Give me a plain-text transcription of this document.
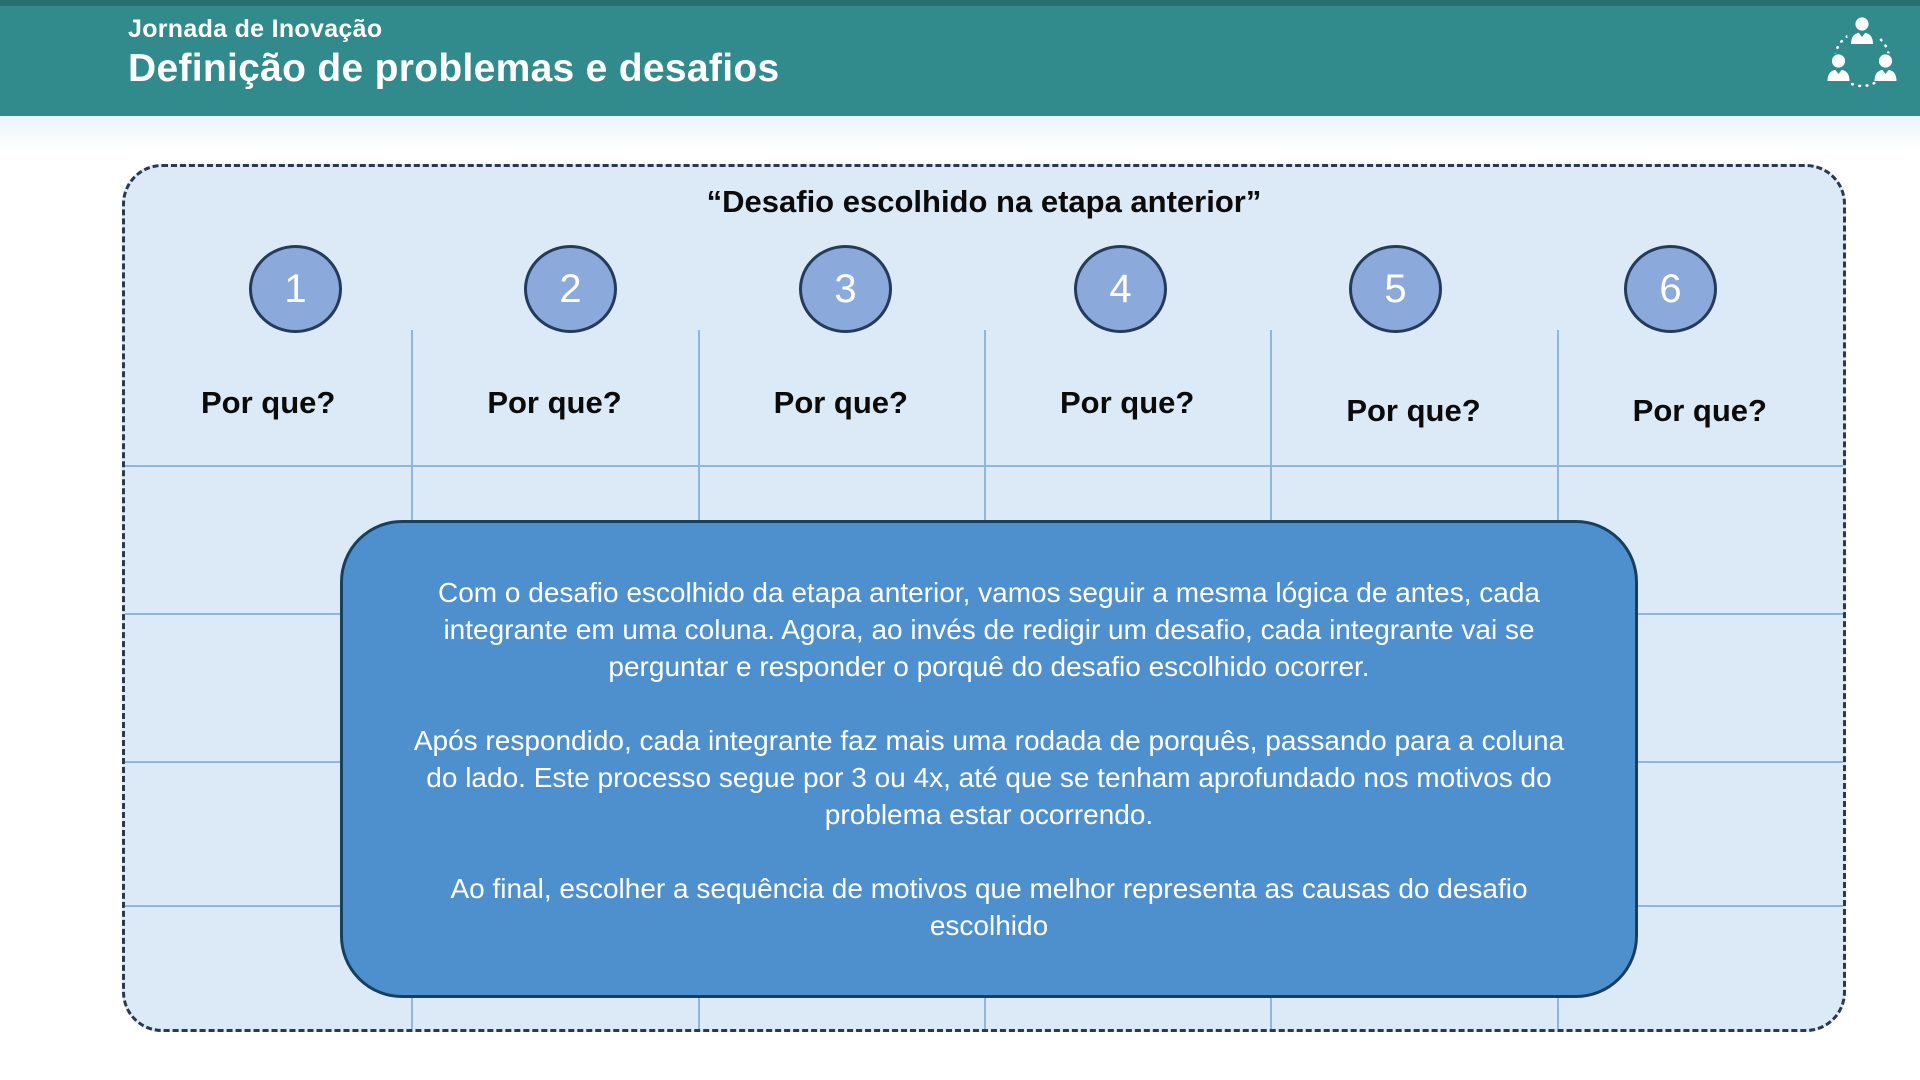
Jornada de Inovação
Definição de problemas e desafios
“Desafio escolhido na etapa anterior”
1	2	3	4	5	6
Por que?	Por que?	Por que?	Por que?	Por que?	Por que?

Com o desafio escolhido da etapa anterior, vamos seguir a mesma lógica de antes, cada integrante em uma coluna. Agora, ao invés de redigir um desafio, cada integrante vai se perguntar e responder o porquê do desafio escolhido ocorrer.

Após respondido, cada integrante faz mais uma rodada de porquês, passando para a coluna do lado. Este processo segue por 3 ou 4x, até que se tenham aprofundado nos motivos do problema estar ocorrendo.

Ao final, escolher a sequência de motivos que melhor representa as causas do desafio escolhido
